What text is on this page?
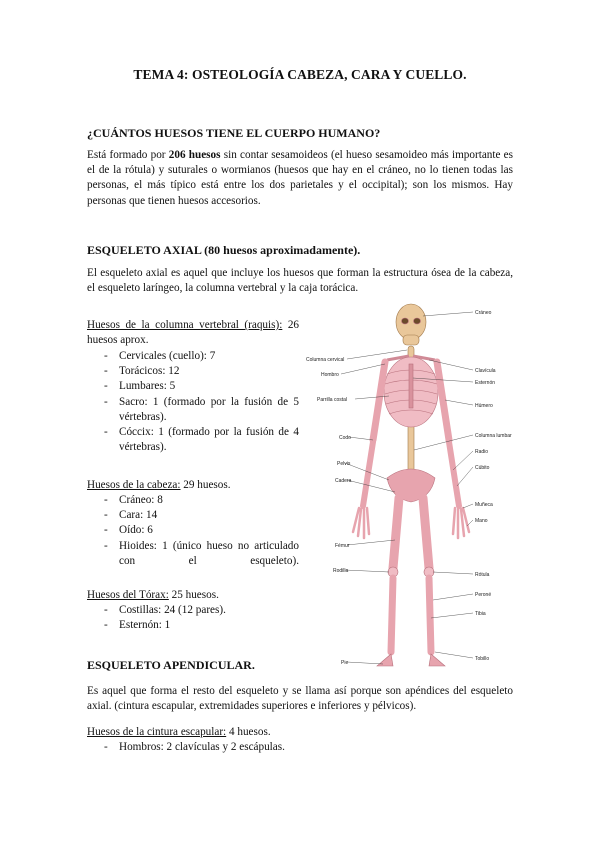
TEMA 4: OSTEOLOGÍA CABEZA, CARA Y CUELLO.
¿CUÁNTOS HUESOS TIENE EL CUERPO HUMANO?
Está formado por 206 huesos sin contar sesamoideos (el hueso sesamoideo más importante es el de la rótula) y suturales o wormianos (huesos que hay en el cráneo, no lo tienen todas las personas, el más típico está entre los dos parietales y el occipital); son los mismos. Hay personas que tienen huesos accesorios.
ESQUELETO AXIAL (80 huesos aproximadamente).
El esqueleto axial es aquel que incluye los huesos que forman la estructura ósea de la cabeza, el esqueleto laríngeo, la columna vertebral y la caja torácica.
Huesos de la columna vertebral (raquis): 26 huesos aprox.
- Cervicales (cuello): 7
- Torácicos: 12
- Lumbares: 5
- Sacro: 1 (formado por la fusión de 5 vértebras).
- Cóccix: 1 (formado por la fusión de 4 vértebras).
Huesos de la cabeza: 29 huesos.
- Cráneo: 8
- Cara: 14
- Oído: 6
- Hioides: 1 (único hueso no articulado con el esqueleto).
Huesos del Tórax: 25 huesos.
- Costillas: 24 (12 pares).
- Esternón: 1
ESQUELETO APENDICULAR.
Es aquel que forma el resto del esqueleto y se llama así porque son apéndices del esqueleto axial. (cintura escapular, extremidades superiores e inferiores y pélvicos).
Huesos de la cintura escapular: 4 huesos.
- Hombros: 2 clavículas y 2 escápulas.
Cráneo
Clavícula
Esternón
Húmero
Columna lumbar
Radio
Cúbito
Muñeca
Mano
Rótula
Peroné
Tibia
Tobillo
Columna cervical
Hombro
Parrilla costal
Codo
Pelvis
Cadera
Fémur
Rodilla
Pie
